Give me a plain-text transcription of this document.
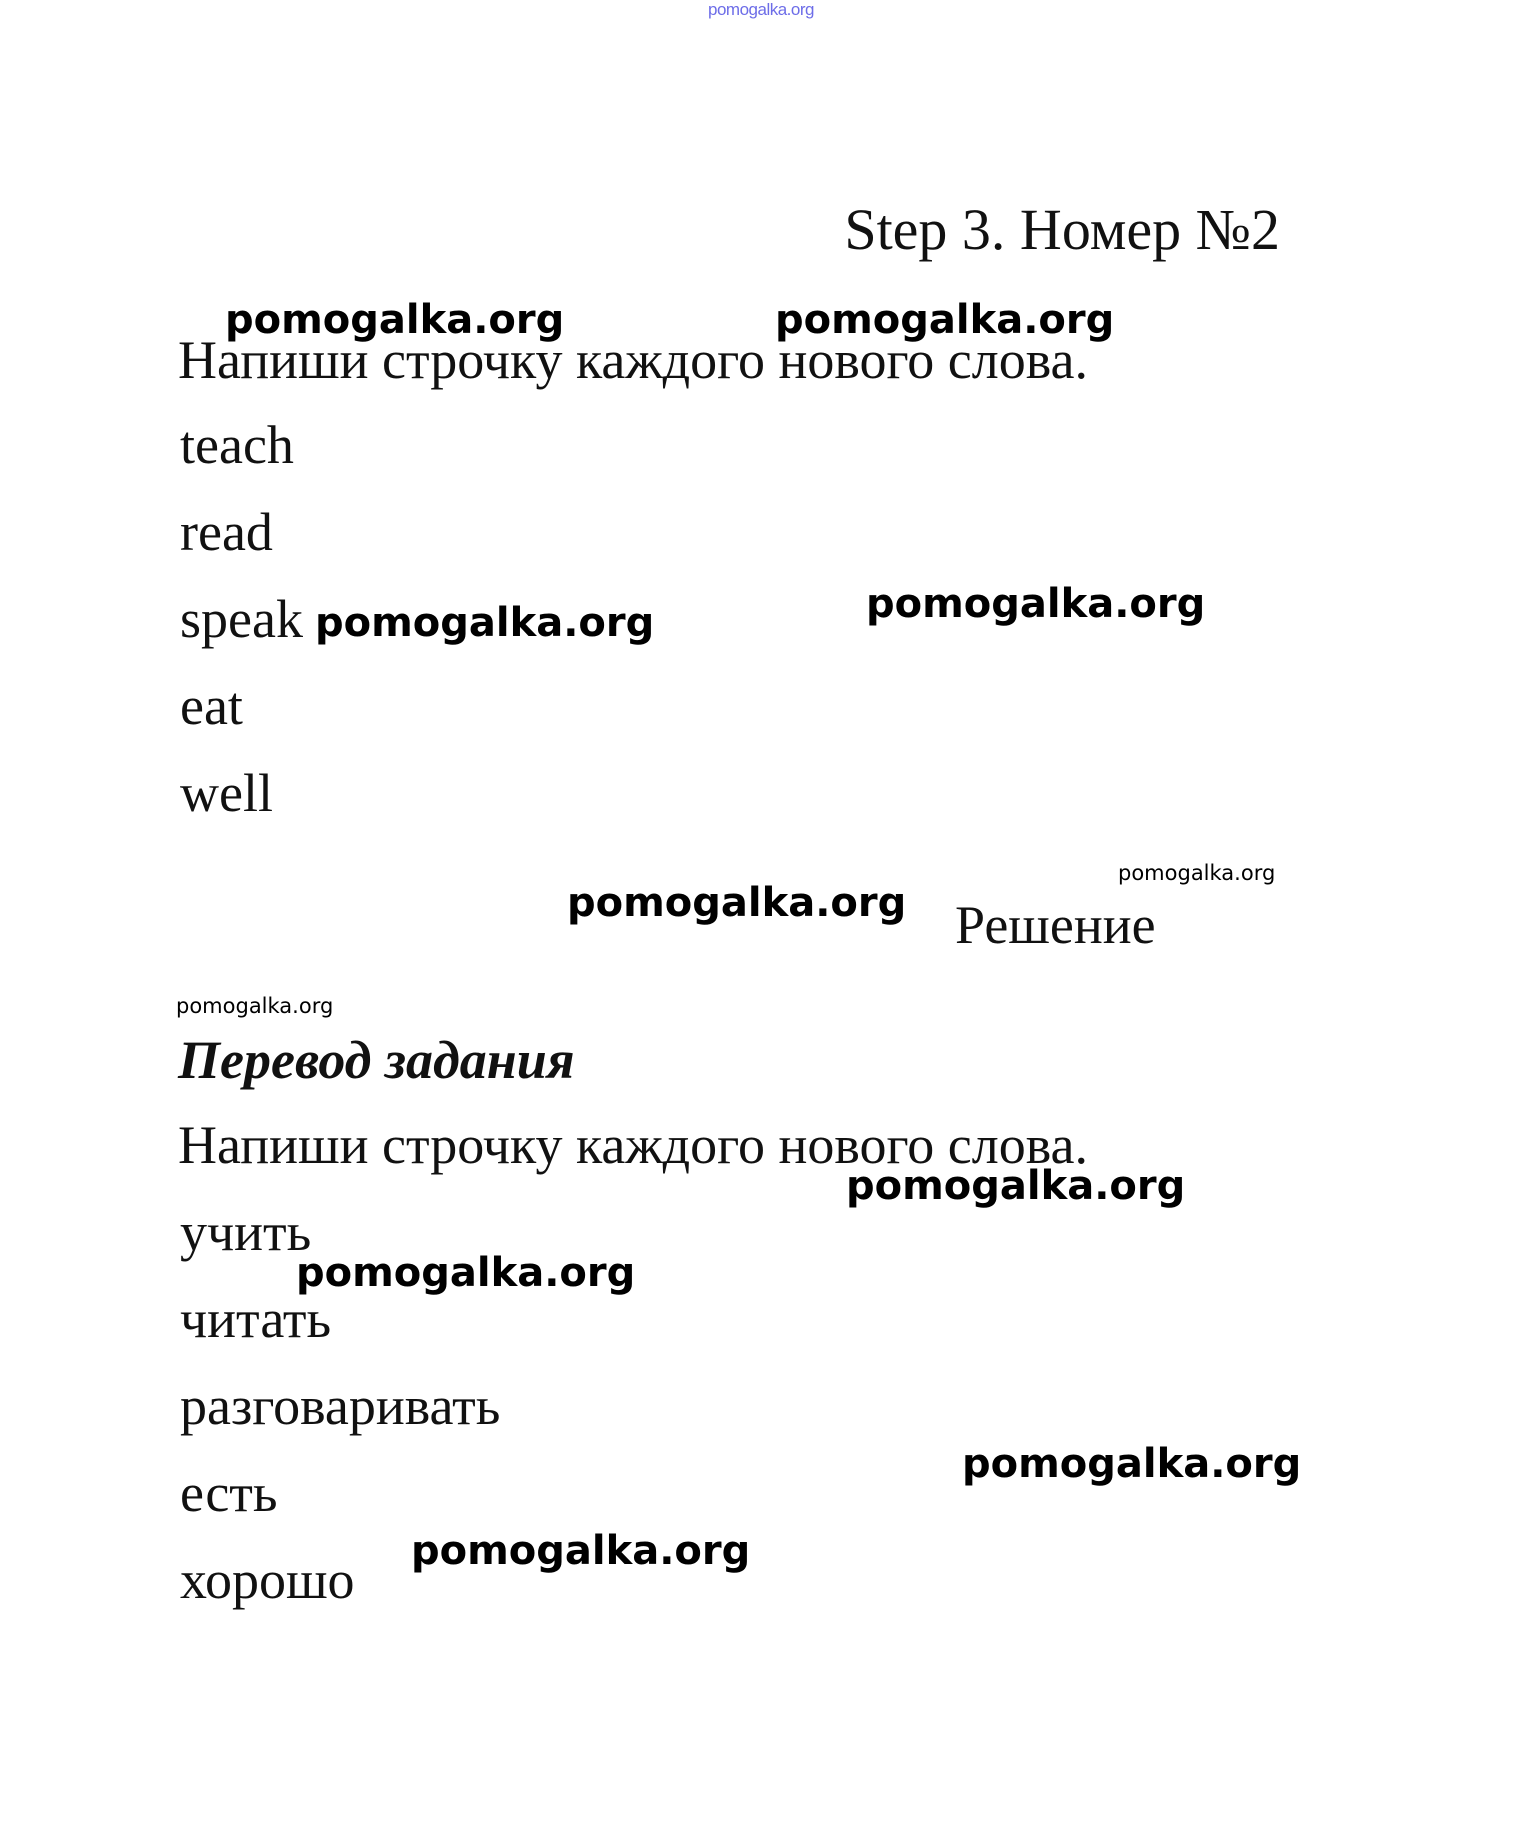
pomogalka.org
Step 3. Номер №2
Напиши строчку каждого нового слова.
teach
read
speak
eat
well
Решение
Перевод задания
Напиши строчку каждого нового слова.
учить
читать
разговаривать
есть
хорошо
pomogalka.org	pomogalka.org
pomogalka.org	pomogalka.org
pomogalka.org
pomogalka.org
pomogalka.org
pomogalka.org
pomogalka.org
pomogalka.org
pomogalka.org
